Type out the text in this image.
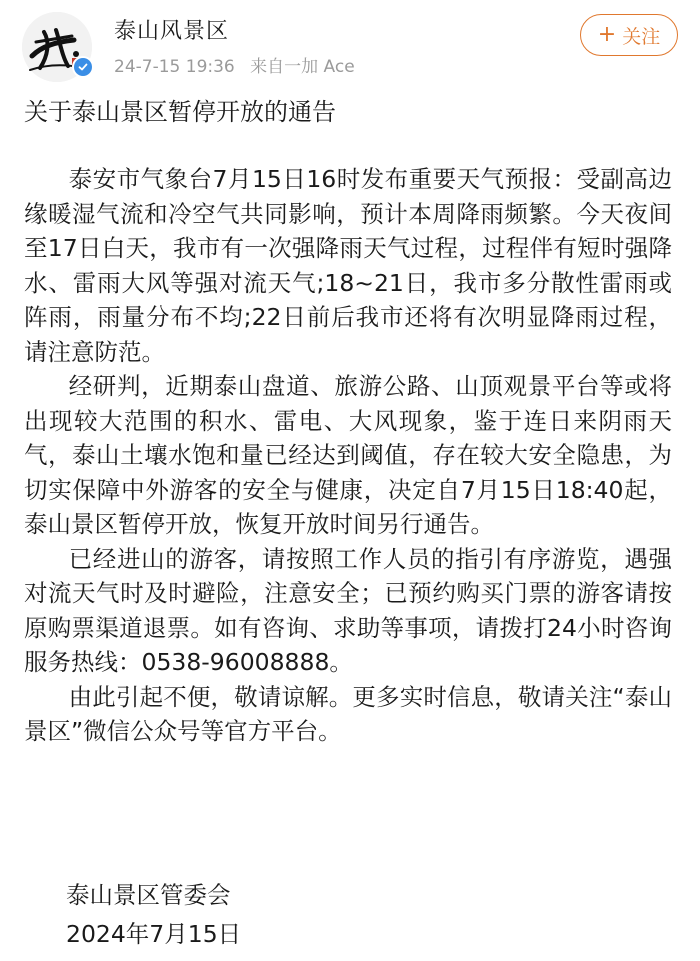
泰山风景区
24-7-15 19:36 来自一加 Ace
+ 关注
关于泰山景区暂停开放的通告

泰安市气象台7月15日16时发布重要天气预报：受副高边缘暖湿气流和冷空气共同影响，预计本周降雨频繁。今天夜间至17日白天，我市有一次强降雨天气过程，过程伴有短时强降水、雷雨大风等强对流天气;18~21日，我市多分散性雷雨或阵雨，雨量分布不均;22日前后我市还将有次明显降雨过程，请注意防范。

经研判，近期泰山盘道、旅游公路、山顶观景平台等或将出现较大范围的积水、雷电、大风现象，鉴于连日来阴雨天气，泰山土壤水饱和量已经达到阈值，存在较大安全隐患，为切实保障中外游客的安全与健康，决定自7月15日18:40起，泰山景区暂停开放，恢复开放时间另行通告。

已经进山的游客，请按照工作人员的指引有序游览，遇强对流天气时及时避险，注意安全；已预约购买门票的游客请按原购票渠道退票。如有咨询、求助等事项，请拨打24小时咨询服务热线：0538-96008888。

由此引起不便，敬请谅解。更多实时信息，敬请关注“泰山景区”微信公众号等官方平台。

泰山景区管委会
2024年7月15日
